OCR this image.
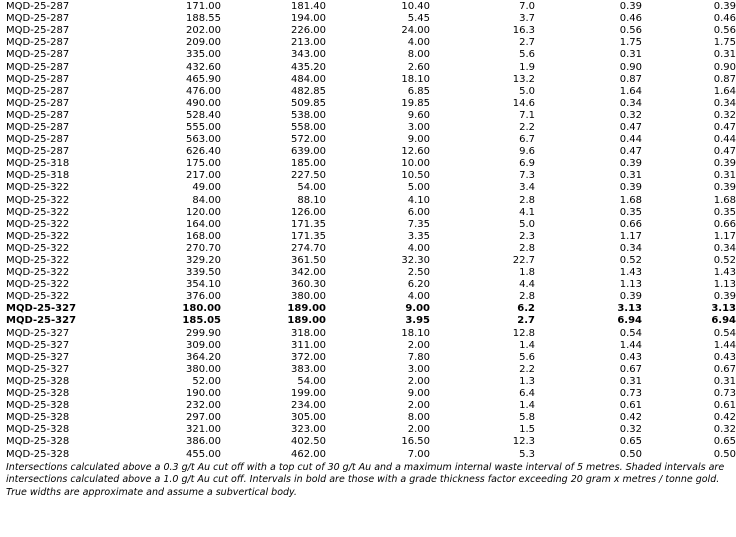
MQD-25-287	171.00	181.40	10.40	7.0	0.39	0.39
MQD-25-287	188.55	194.00	5.45	3.7	0.46	0.46
MQD-25-287	202.00	226.00	24.00	16.3	0.56	0.56
MQD-25-287	209.00	213.00	4.00	2.7	1.75	1.75
MQD-25-287	335.00	343.00	8.00	5.6	0.31	0.31
MQD-25-287	432.60	435.20	2.60	1.9	0.90	0.90
MQD-25-287	465.90	484.00	18.10	13.2	0.87	0.87
MQD-25-287	476.00	482.85	6.85	5.0	1.64	1.64
MQD-25-287	490.00	509.85	19.85	14.6	0.34	0.34
MQD-25-287	528.40	538.00	9.60	7.1	0.32	0.32
MQD-25-287	555.00	558.00	3.00	2.2	0.47	0.47
MQD-25-287	563.00	572.00	9.00	6.7	0.44	0.44
MQD-25-287	626.40	639.00	12.60	9.6	0.47	0.47
MQD-25-318	175.00	185.00	10.00	6.9	0.39	0.39
MQD-25-318	217.00	227.50	10.50	7.3	0.31	0.31
MQD-25-322	49.00	54.00	5.00	3.4	0.39	0.39
MQD-25-322	84.00	88.10	4.10	2.8	1.68	1.68
MQD-25-322	120.00	126.00	6.00	4.1	0.35	0.35
MQD-25-322	164.00	171.35	7.35	5.0	0.66	0.66
MQD-25-322	168.00	171.35	3.35	2.3	1.17	1.17
MQD-25-322	270.70	274.70	4.00	2.8	0.34	0.34
MQD-25-322	329.20	361.50	32.30	22.7	0.52	0.52
MQD-25-322	339.50	342.00	2.50	1.8	1.43	1.43
MQD-25-322	354.10	360.30	6.20	4.4	1.13	1.13
MQD-25-322	376.00	380.00	4.00	2.8	0.39	0.39
MQD-25-327	180.00	189.00	9.00	6.2	3.13	3.13
MQD-25-327	185.05	189.00	3.95	2.7	6.94	6.94
MQD-25-327	299.90	318.00	18.10	12.8	0.54	0.54
MQD-25-327	309.00	311.00	2.00	1.4	1.44	1.44
MQD-25-327	364.20	372.00	7.80	5.6	0.43	0.43
MQD-25-327	380.00	383.00	3.00	2.2	0.67	0.67
MQD-25-328	52.00	54.00	2.00	1.3	0.31	0.31
MQD-25-328	190.00	199.00	9.00	6.4	0.73	0.73
MQD-25-328	232.00	234.00	2.00	1.4	0.61	0.61
MQD-25-328	297.00	305.00	8.00	5.8	0.42	0.42
MQD-25-328	321.00	323.00	2.00	1.5	0.32	0.32
MQD-25-328	386.00	402.50	16.50	12.3	0.65	0.65
MQD-25-328	455.00	462.00	7.00	5.3	0.50	0.50

Intersections calculated above a 0.3 g/t Au cut off with a top cut of 30 g/t Au and a maximum internal waste interval of 5 metres. Shaded intervals are intersections calculated above a 1.0 g/t Au cut off. Intervals in bold are those with a grade thickness factor exceeding 20 gram x metres / tonne gold. True widths are approximate and assume a subvertical body.
